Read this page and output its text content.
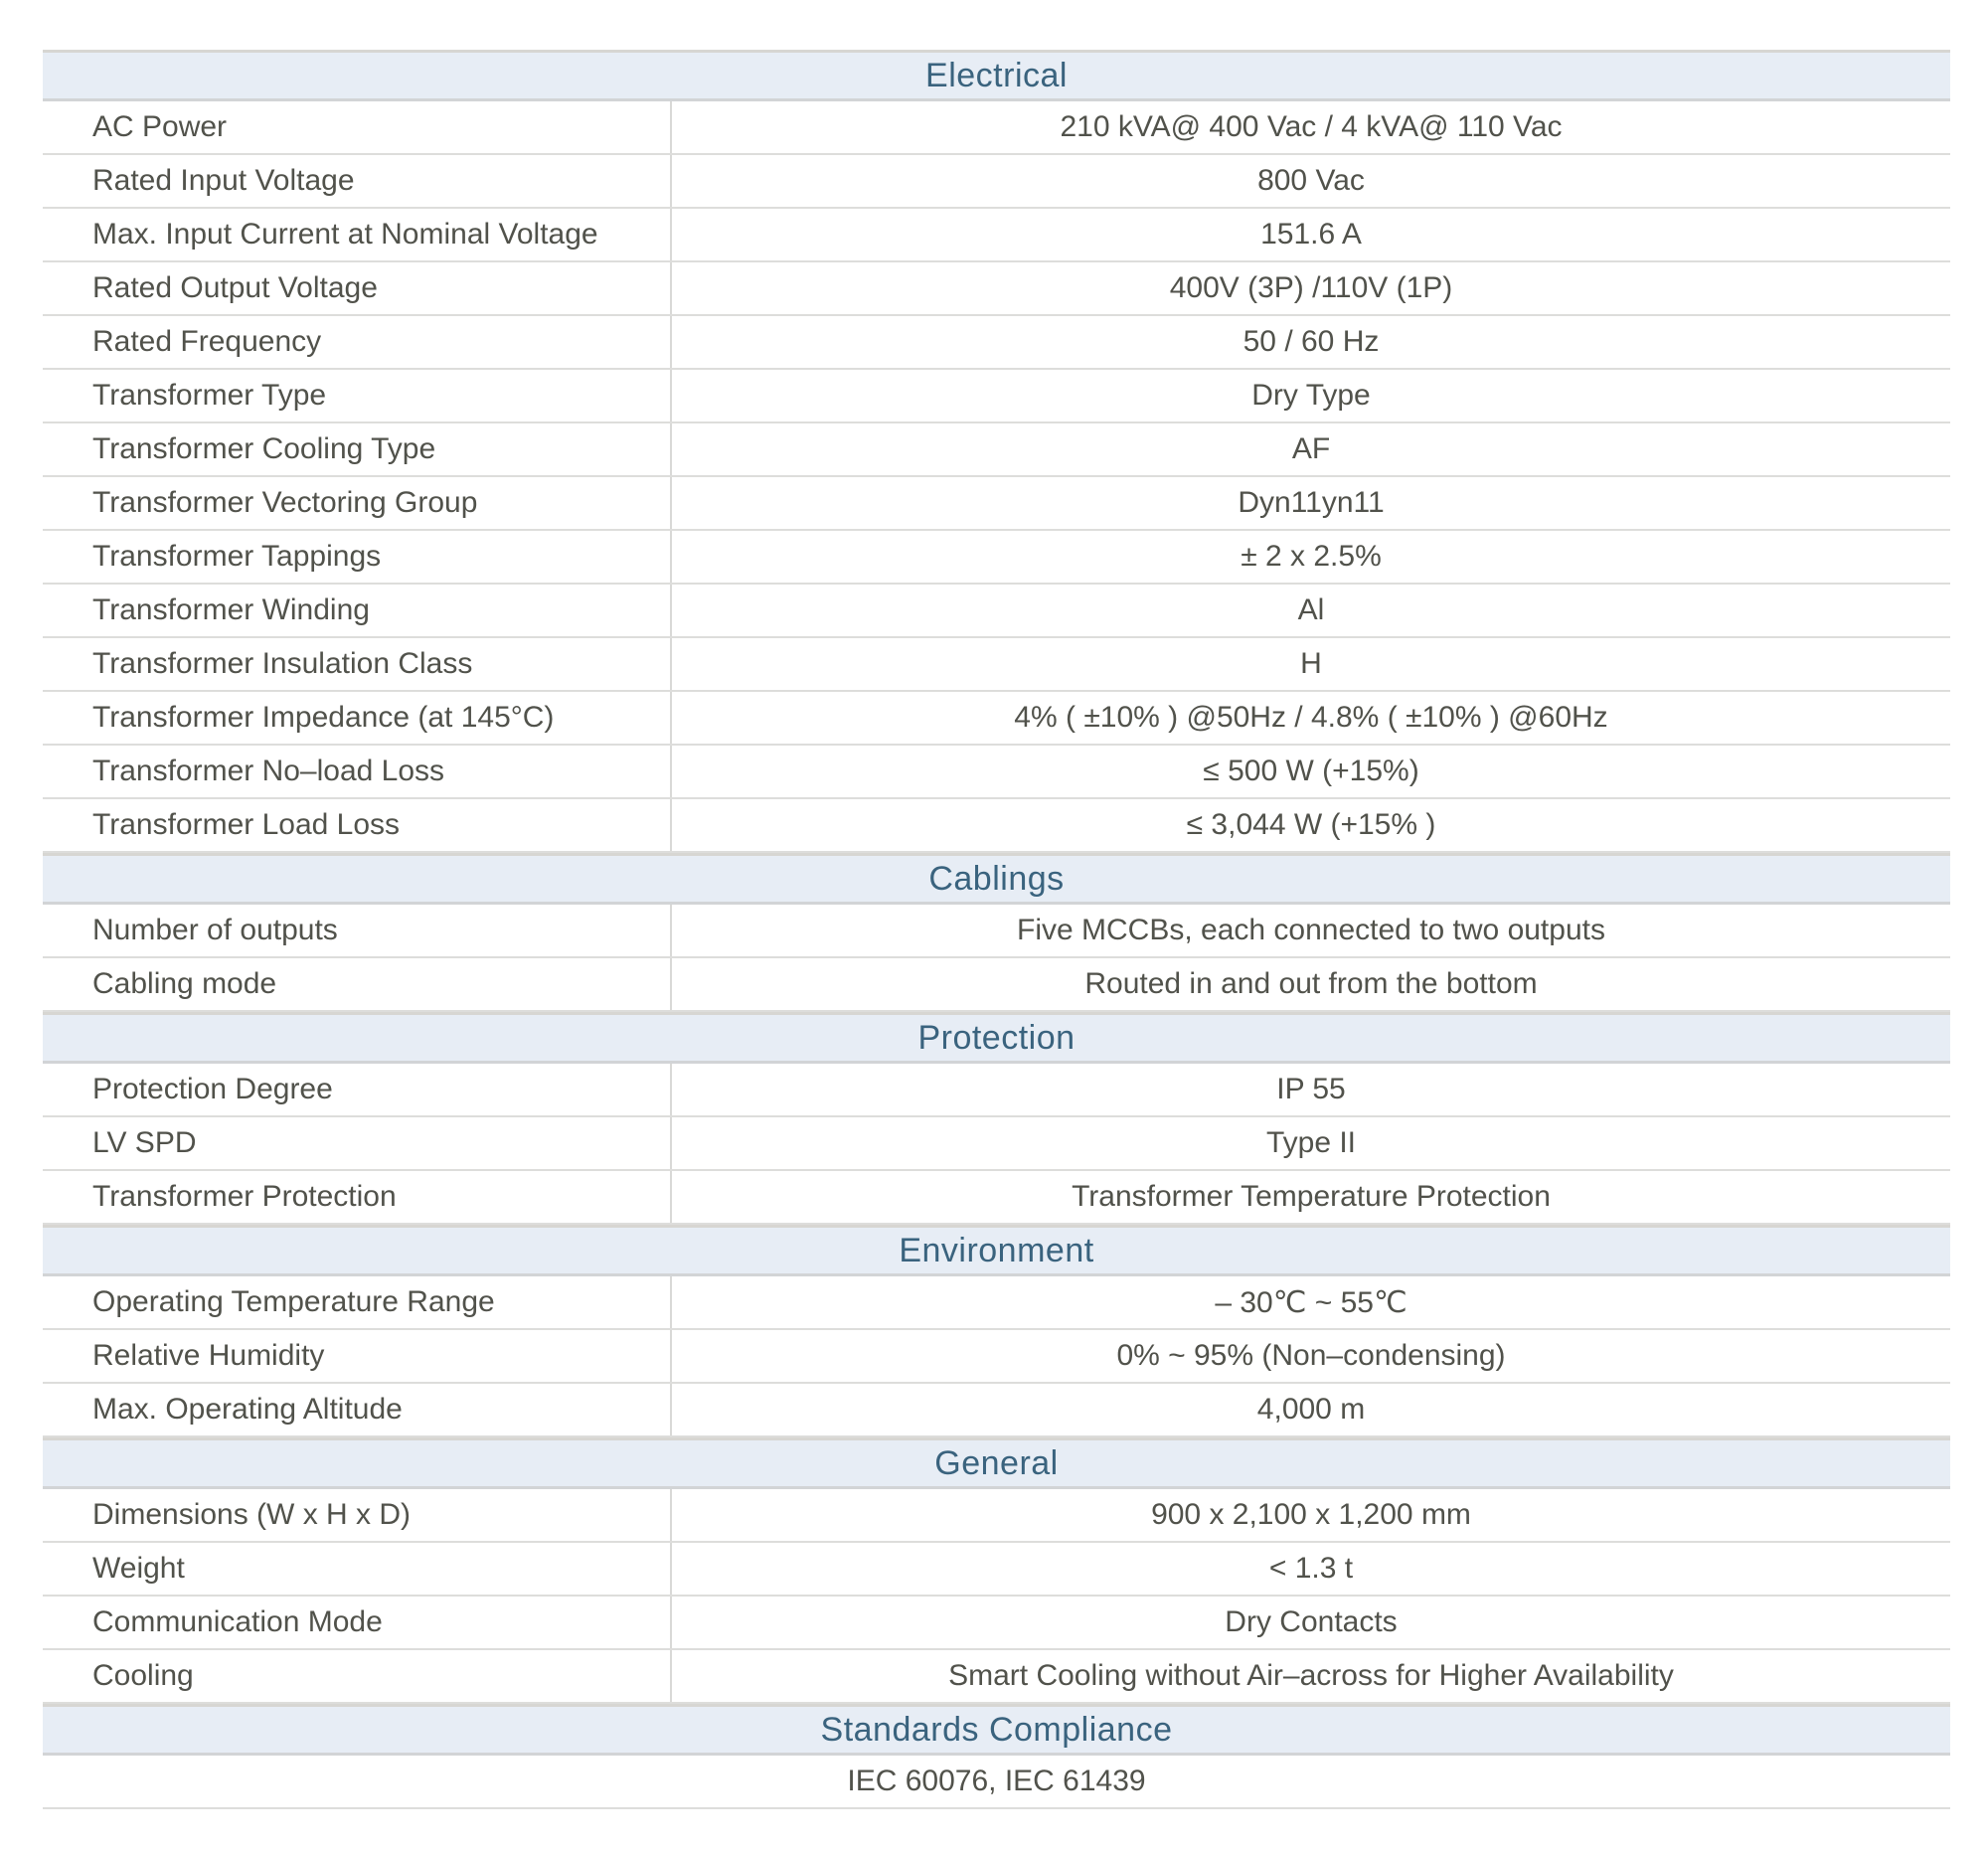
Electrical
AC Power	210 kVA@ 400 Vac / 4 kVA@ 110 Vac
Rated Input Voltage	800 Vac
Max. Input Current at Nominal Voltage	151.6 A
Rated Output Voltage	400V (3P) /110V (1P)
Rated Frequency	50 / 60 Hz
Transformer Type	Dry Type
Transformer Cooling Type	AF
Transformer Vectoring Group	Dyn11yn11
Transformer Tappings	± 2 x 2.5%
Transformer Winding	Al
Transformer Insulation Class	H
Transformer Impedance (at 145°C)	4% ( ±10% ) @50Hz / 4.8% ( ±10% ) @60Hz
Transformer No–load Loss	≤ 500 W (+15%)
Transformer Load Loss	≤ 3,044 W (+15% )
Cablings
Number of outputs	Five MCCBs, each connected to two outputs
Cabling mode	Routed in and out from the bottom
Protection
Protection Degree	IP 55
LV SPD	Type II
Transformer Protection	Transformer Temperature Protection
Environment
Operating Temperature Range	– 30℃ ~ 55℃
Relative Humidity	0% ~ 95% (Non–condensing)
Max. Operating Altitude	4,000 m
General
Dimensions (W x H x D)	900 x 2,100 x 1,200 mm
Weight	< 1.3 t
Communication Mode	Dry Contacts
Cooling	Smart Cooling without Air–across for Higher Availability
Standards Compliance
IEC 60076, IEC 61439
